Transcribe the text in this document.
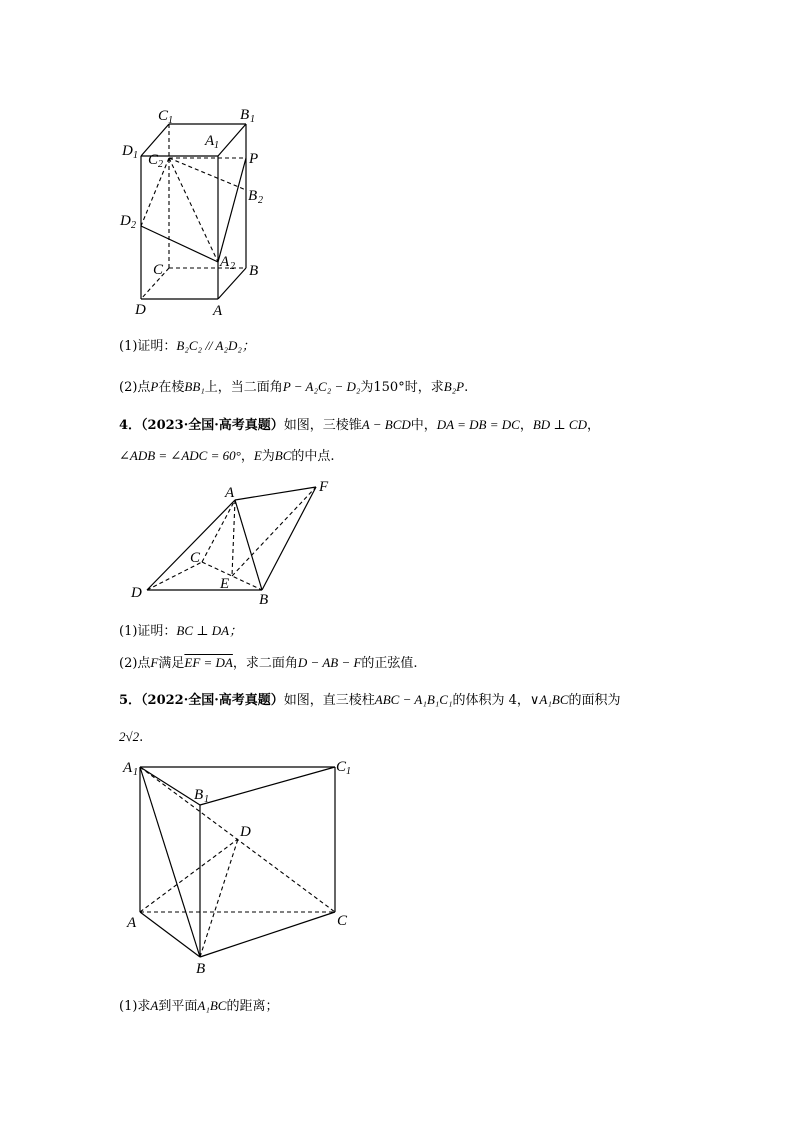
C 1	B 1
D 1
A 1
C 2	P
B 2
D 2
C	A 2 B
D	A
A	F
C
D
E
B
A 1	C 1
B 1
D
A	C
B
(1)证明：B₂C₂ // A₂D₂；
(2)点P在棱BB₁上，当二面角P − A₂C₂ − D₂为150°时，求B₂P.
4．（2023·全国·高考真题）如图，三棱锥A − BCD中，DA = DB = DC，BD ⊥ CD，
∠ADB = ∠ADC = 60°，E为BC的中点.
(1)证明：BC ⊥ DA；
(2)点F满足EF = DA，求二面角D − AB − F的正弦值.
5．（2022·全国·高考真题）如图，直三棱柱ABC − A₁B₁C₁的体积为 4，∨A₁BC的面积为
2√2.
(1)求A到平面A₁BC的距离；
